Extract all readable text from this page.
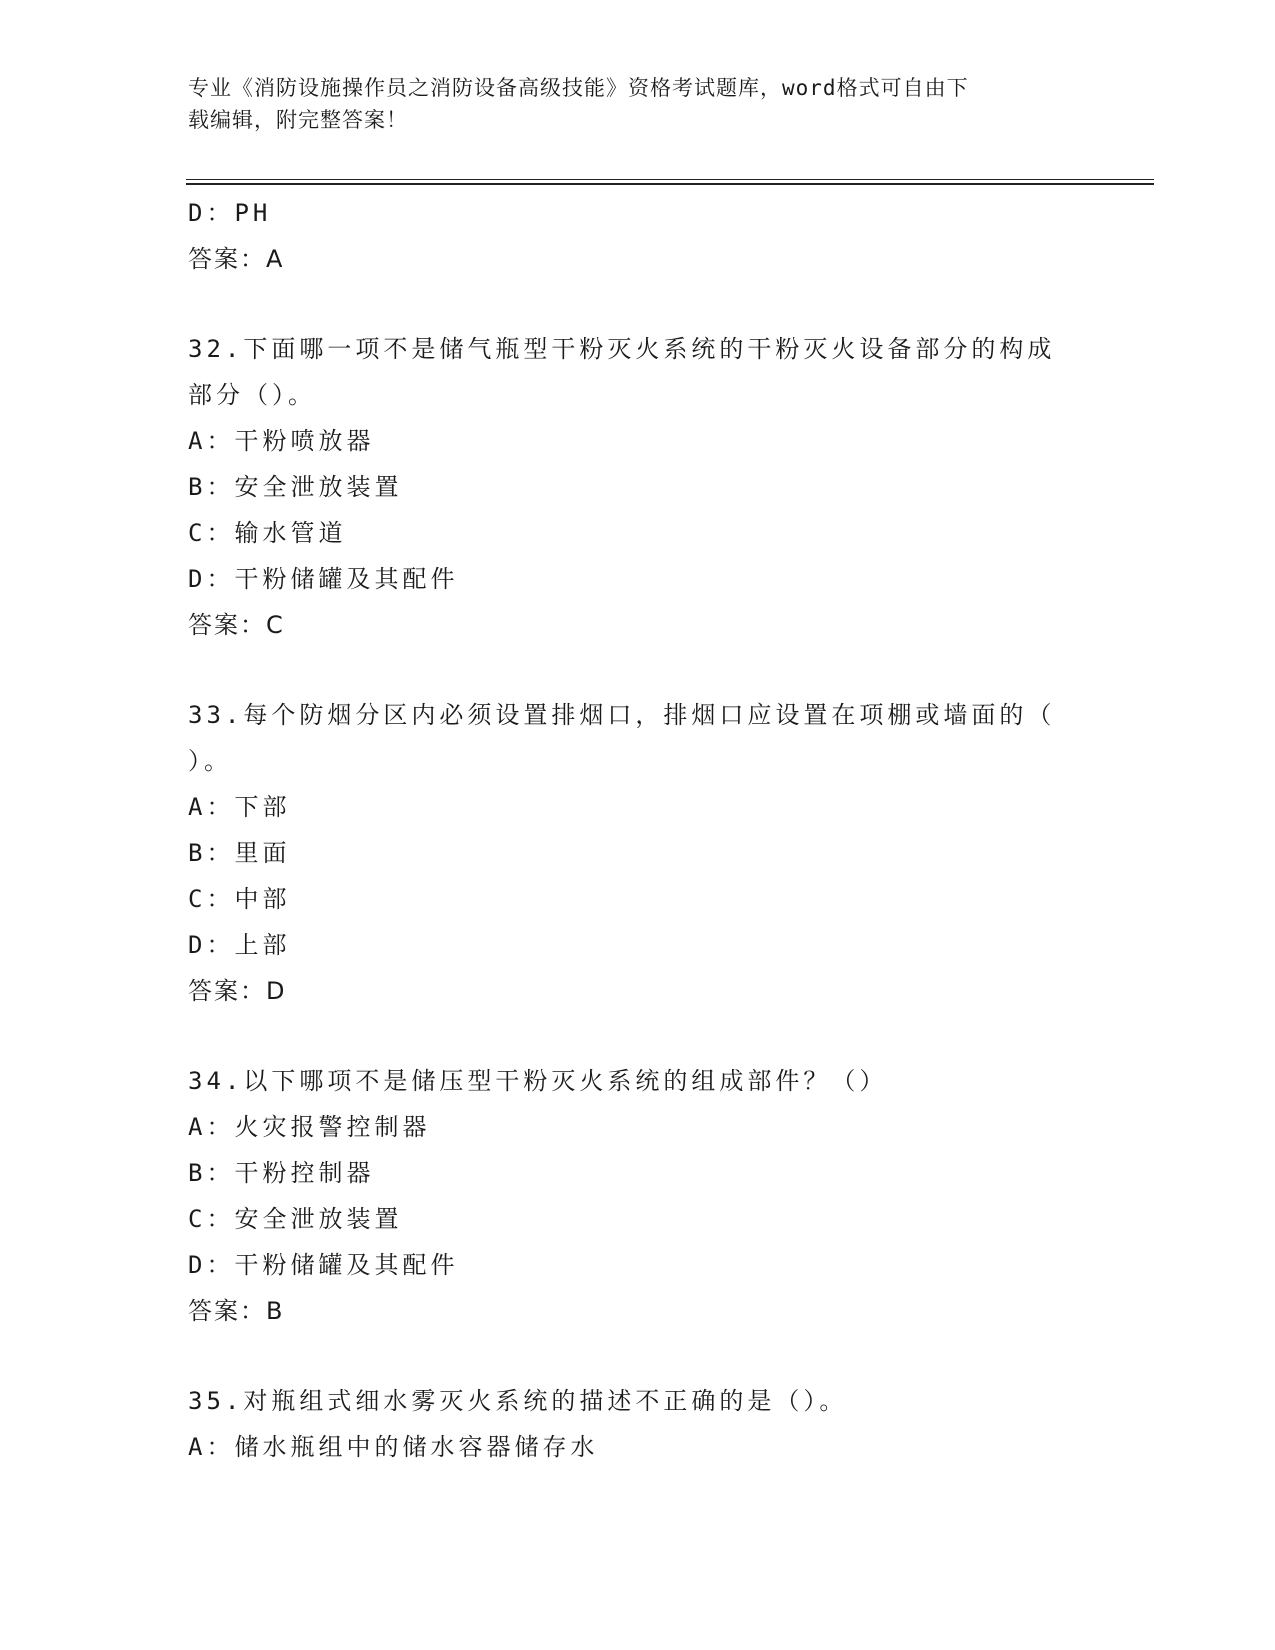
专业《消防设施操作员之消防设备高级技能》资格考试题库，word格式可自由下
载编辑，附完整答案！
D：PH
答案：A
32.下面哪一项不是储气瓶型干粉灭火系统的干粉灭火设备部分的构成
部分（）。
A：干粉喷放器
B：安全泄放装置
C：输水管道
D：干粉储罐及其配件
答案：C
33.每个防烟分区内必须设置排烟口，排烟口应设置在项棚或墙面的（
）。
A：下部
B：里面
C：中部
D：上部
答案：D
34.以下哪项不是储压型干粉灭火系统的组成部件？（）
A：火灾报警控制器
B：干粉控制器
C：安全泄放装置
D：干粉储罐及其配件
答案：B
35.对瓶组式细水雾灭火系统的描述不正确的是（）。
A：储水瓶组中的储水容器储存水
